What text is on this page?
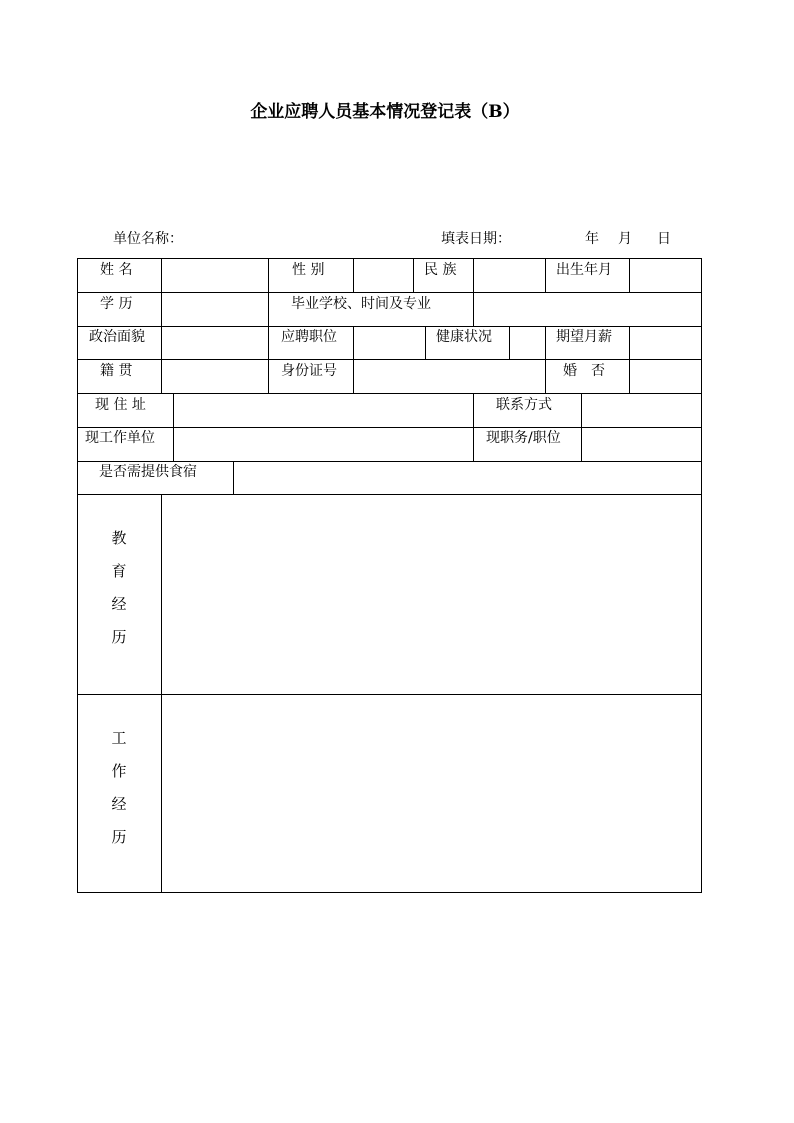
企业应聘人员基本情况登记表（B）
单位名称：	填表日期：	年 月 日
姓 名	性 别	民 族	出生年月
学 历	毕业学校、时间及专业
政治面貌	应聘职位	健康状况	期望月薪
籍 贯	身份证号	婚　否
现 住 址	联系方式
现工作单位	现职务/职位
是否需提供食宿
教
育
经
历
工
作
经
历
